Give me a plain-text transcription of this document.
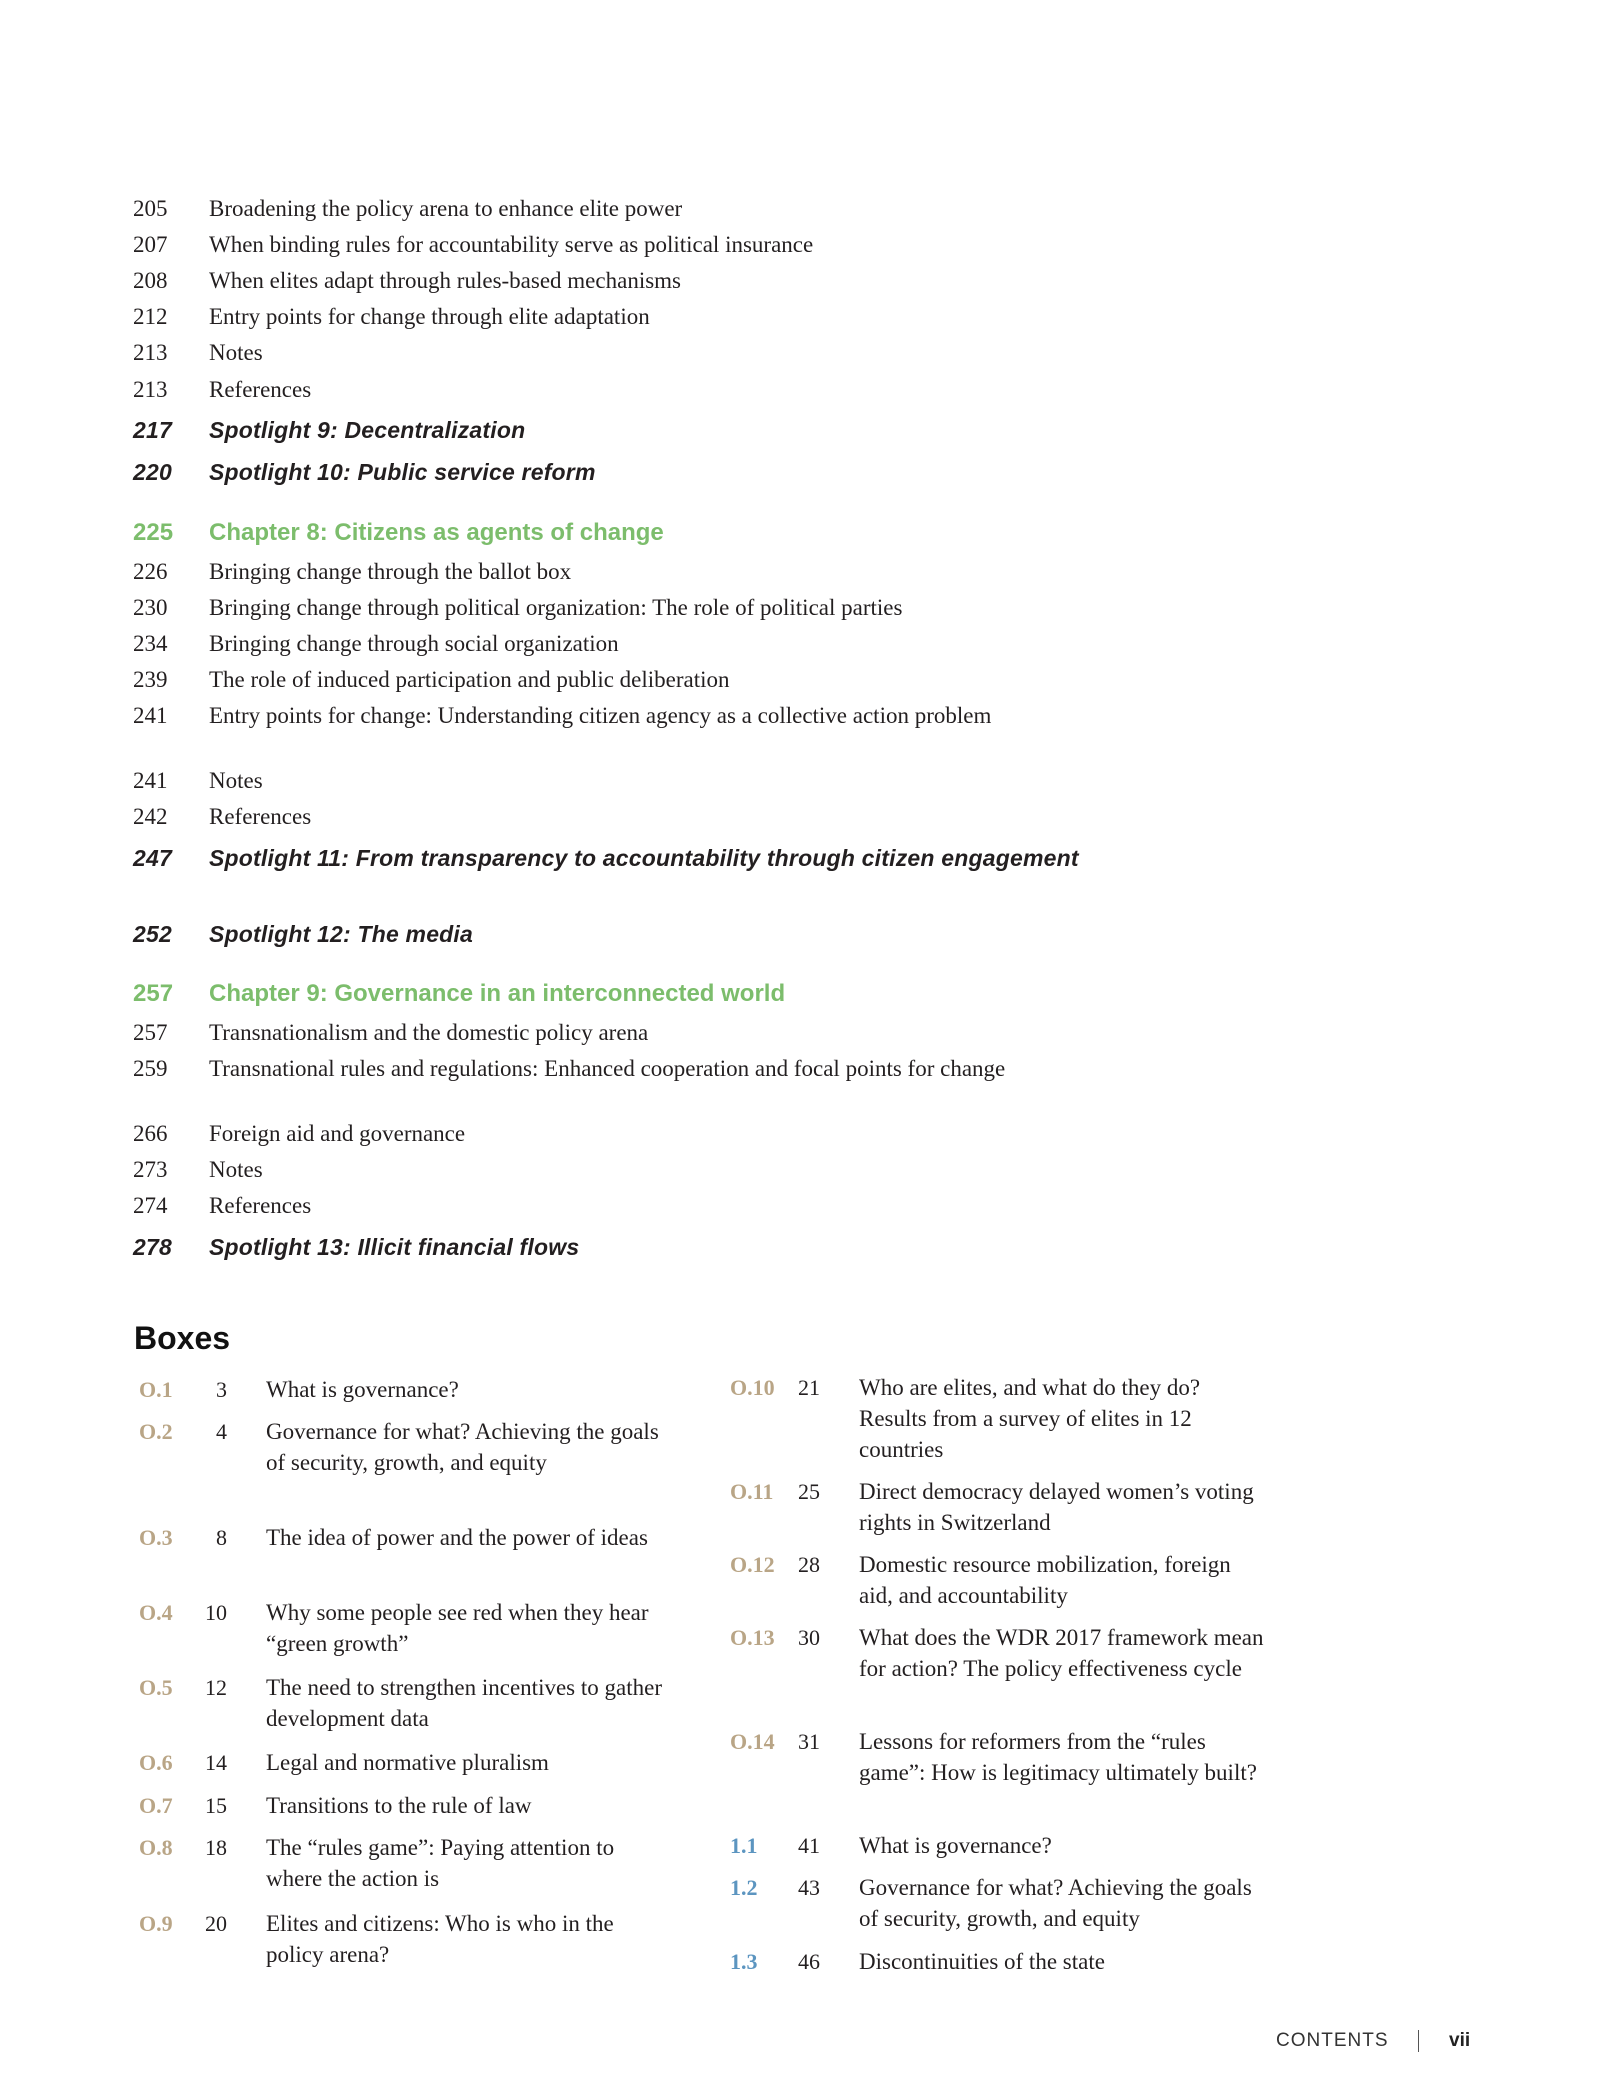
205	Broadening the policy arena to enhance elite power
207	When binding rules for accountability serve as political insurance
208	When elites adapt through rules-based mechanisms
212	Entry points for change through elite adaptation
213	Notes
213	References
217	Spotlight 9: Decentralization
220	Spotlight 10: Public service reform
225	Chapter 8: Citizens as agents of change
226	Bringing change through the ballot box
230	Bringing change through political organization: The role of political parties
234	Bringing change through social organization
239	The role of induced participation and public deliberation
241	Entry points for change: Understanding citizen agency as a collective action problem
241	Notes
242	References
247	Spotlight 11: From transparency to accountability through citizen engagement
252	Spotlight 12: The media
257	Chapter 9: Governance in an interconnected world
257	Transnationalism and the domestic policy arena
259	Transnational rules and regulations: Enhanced cooperation and focal points for change
266	Foreign aid and governance
273	Notes
274	References
278	Spotlight 13: Illicit financial flows
Boxes
O.1	3 What is governance?
O.2	4 Governance for what? Achieving the goals of security, growth, and equity
O.3	8 The idea of power and the power of ideas
O.4	10 Why some people see red when they hear “green growth”
O.5	12 The need to strengthen incentives to gather development data
O.6	14 Legal and normative pluralism
O.7	15 Transitions to the rule of law
O.8	18 The “rules game”: Paying attention to where the action is
O.9	20 Elites and citizens: Who is who in the policy arena?
O.10	21 Who are elites, and what do they do? Results from a survey of elites in 12 countries
O.11	25 Direct democracy delayed women’s voting rights in Switzerland
O.12	28 Domestic resource mobilization, foreign aid, and accountability
O.13	30 What does the WDR 2017 framework mean for action? The policy effectiveness cycle
O.14	31 Lessons for reformers from the “rules game”: How is legitimacy ultimately built?
1.1	41 What is governance?
1.2	43 Governance for what? Achieving the goals of security, growth, and equity
1.3	46 Discontinuities of the state
CONTENTS	vii
